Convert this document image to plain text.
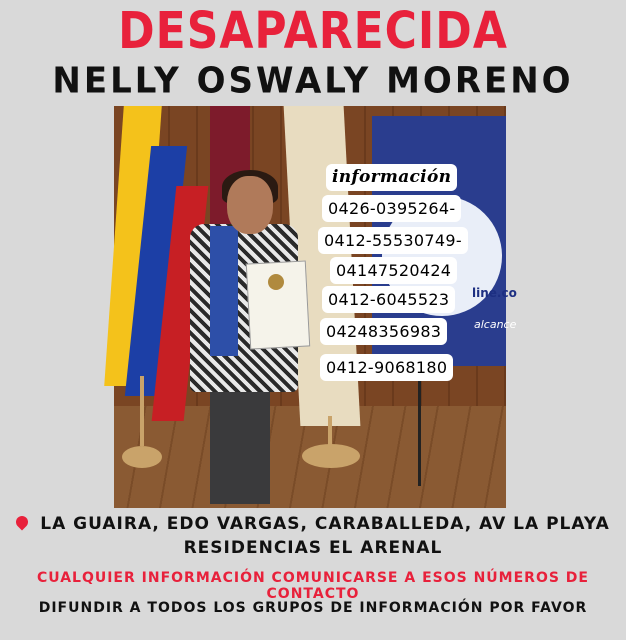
DESAPARECIDA
NELLY OSWALY MORENO
line.co
alcance
información
0426-0395264-
0412-55530749-
04147520424
0412-6045523
04248356983
0412-9068180
LA GUAIRA, EDO VARGAS, CARABALLEDA, AV LA PLAYA
RESIDENCIAS EL ARENAL
CUALQUIER INFORMACIÓN COMUNICARSE A ESOS NÚMEROS DE CONTACTO
DIFUNDIR A TODOS LOS GRUPOS DE INFORMACIÓN POR FAVOR
